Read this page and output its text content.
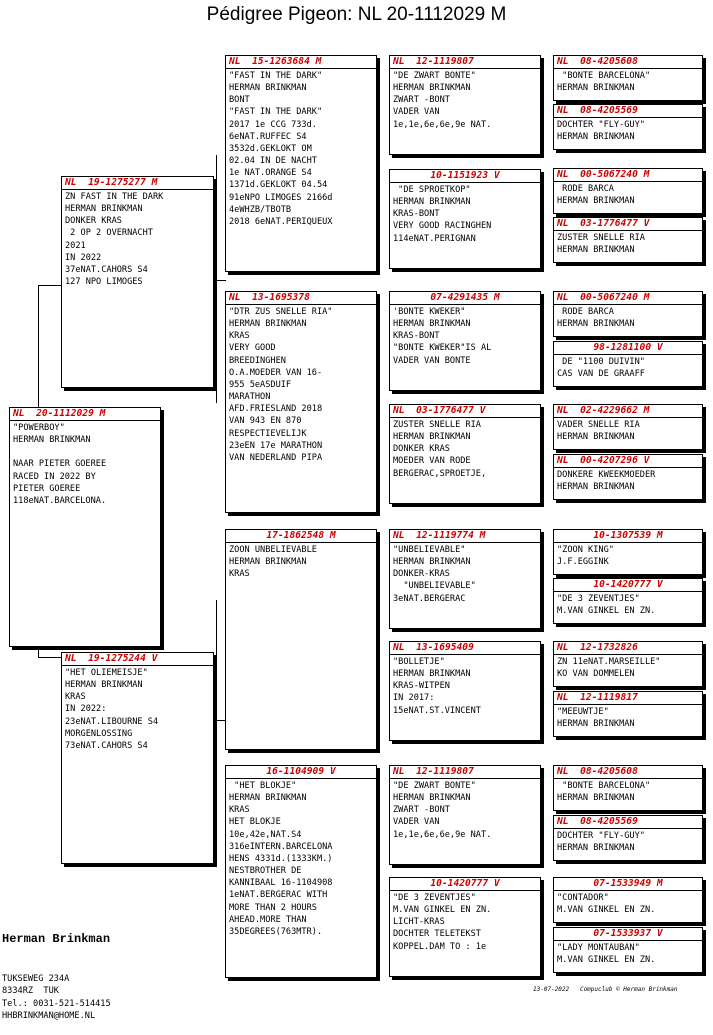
Pédigree Pigeon: NL 20-1112029 M
NL  20-1112029 M
"POWERBOY"
HERMAN BRINKMAN

NAAR PIETER GOEREE
RACED IN 2022 BY
PIETER GOEREE
118eNAT.BARCELONA.
NL  19-1275277 M
ZN FAST IN THE DARK
HERMAN BRINKMAN
DONKER KRAS
2 OP 2 OVERNACHT
2021
IN 2022
37eNAT.CAHORS S4
127 NPO LIMOGES
NL  19-1275244 V
"HET OLIEMEISJE"
HERMAN BRINKMAN
KRAS
IN 2022:
23eNAT.LIBOURNE S4
MORGENLOSSING
73eNAT.CAHORS S4
NL  15-1263684 M
"FAST IN THE DARK"
HERMAN BRINKMAN
BONT
"FAST IN THE DARK"
2017 1e CCG 733d.
6eNAT.RUFFEC S4
3532d.GEKLOKT OM
02.04 IN DE NACHT
1e NAT.ORANGE S4
1371d.GEKLOKT 04.54
91eNPO LIMOGES 2166d
4eWHZB/TBOTB
2018 6eNAT.PERIQUEUX
NL  13-1695378
"DTR ZUS SNELLE RIA"
HERMAN BRINKMAN
KRAS
VERY GOOD
BREEDINGHEN
O.A.MOEDER VAN 16-
955 5eASDUIF
MARATHON
AFD.FRIESLAND 2018
VAN 943 EN 870
RESPECTIEVELIJK
23eEN 17e MARATHON
VAN NEDERLAND PIPA
17-1862548 M
ZOON UNBELIEVABLE
HERMAN BRINKMAN
KRAS
16-1104909 V
"HET BLOKJE"
HERMAN BRINKMAN
KRAS
HET BLOKJE
10e,42e,NAT.S4
316eINTERN.BARCELONA
HENS 4331d.(1333KM.)
NESTBROTHER DE
KANNIBAAL 16-1104908
1eNAT.BERGERAC WITH
MORE THAN 2 HOURS
AHEAD.MORE THAN
35DEGREES(763MTR).
NL  12-1119807
"DE ZWART BONTE"
HERMAN BRINKMAN
ZWART -BONT
VADER VAN
1e,1e,6e,6e,9e NAT.
10-1151923 V
"DE SPROETKOP"
HERMAN BRINKMAN
KRAS-BONT
VERY GOOD RACINGHEN
114eNAT.PERIGNAN
07-4291435 M
'BONTE KWEKER"
HERMAN BRINKMAN
KRAS-BONT
"BONTE KWEKER"IS AL
VADER VAN BONTE
NL  03-1776477 V
ZUSTER SNELLE RIA
HERMAN BRINKMAN
DONKER KRAS
MOEDER VAN RODE
BERGERAC,SPROETJE,
NL  12-1119774 M
"UNBELIEVABLE"
HERMAN BRINKMAN
DONKER-KRAS
"UNBELIEVABLE"
3eNAT.BERGERAC
NL  13-1695409
"BOLLETJE"
HERMAN BRINKMAN
KRAS-WITPEN
IN 2017:
15eNAT.ST.VINCENT
NL  12-1119807
"DE ZWART BONTE"
HERMAN BRINKMAN
ZWART -BONT
VADER VAN
1e,1e,6e,6e,9e NAT.
10-1420777 V
"DE 3 ZEVENTJES"
M.VAN GINKEL EN ZN.
LICHT-KRAS
DOCHTER TELETEKST
KOPPEL.DAM TO : 1e
NL  08-4205608
"BONTE BARCELONA"
HERMAN BRINKMAN
NL  08-4205569
DOCHTER "FLY-GUY"
HERMAN BRINKMAN
NL  00-5067240 M
RODE BARCA
HERMAN BRINKMAN
NL  03-1776477 V
ZUSTER SNELLE RIA
HERMAN BRINKMAN
NL  00-5067240 M
RODE BARCA
HERMAN BRINKMAN
98-1281100 V
DE "1100 DUIVIN"
CAS VAN DE GRAAFF
NL  02-4229662 M
VADER SNELLE RIA
HERMAN BRINKMAN
NL  00-4207296 V
DONKERE KWEEKMOEDER
HERMAN BRINKMAN
10-1307539 M
"ZOON KING"
J.F.EGGINK
10-1420777 V
"DE 3 ZEVENTJES"
M.VAN GINKEL EN ZN.
NL  12-1732826
ZN 11eNAT.MARSEILLE"
KO VAN DOMMELEN
NL  12-1119817
"MEEUWTJE"
HERMAN BRINKMAN
NL  08-4205608
"BONTE BARCELONA"
HERMAN BRINKMAN
NL  08-4205569
DOCHTER "FLY-GUY"
HERMAN BRINKMAN
07-1533949 M
"CONTADOR"
M.VAN GINKEL EN ZN.
07-1533937 V
"LADY MONTAUBAN"
M.VAN GINKEL EN ZN.

Herman Brinkman

TUKSEWEG 234A
8334RZ  TUK
Tel.: 0031-521-514415
HHBRINKMAN@HOME.NL

13-07-2022   Compuclub © Herman Brinkman
